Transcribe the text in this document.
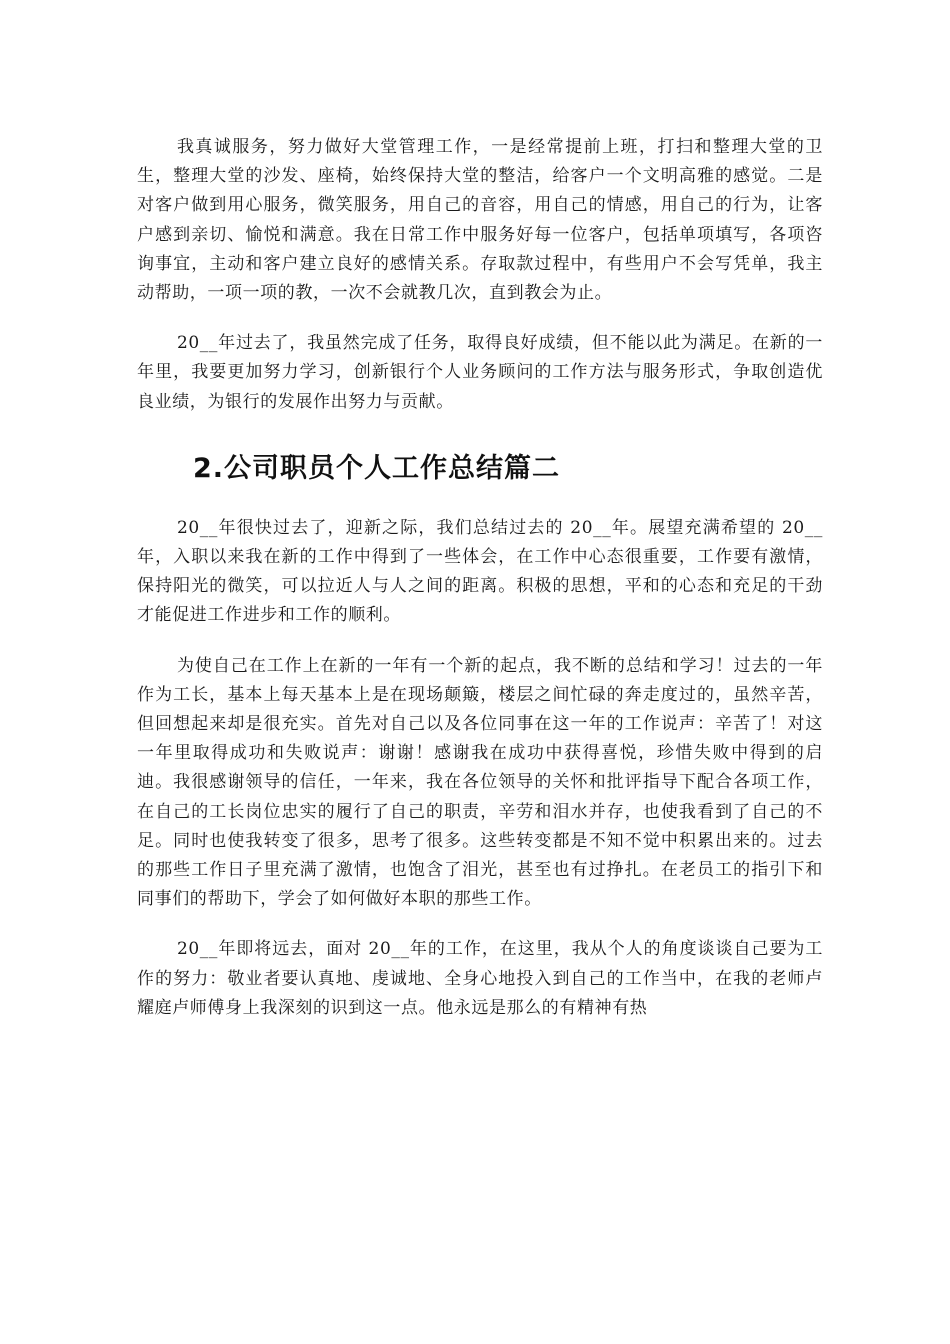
我真诚服务，努力做好大堂管理工作，一是经常提前上班，打扫和整理大堂的卫生，整理大堂的沙发、座椅，始终保持大堂的整洁，给客户一个文明高雅的感觉。二是对客户做到用心服务，微笑服务，用自己的音容，用自己的情感，用自己的行为，让客户感到亲切、愉悦和满意。我在日常工作中服务好每一位客户，包括单项填写，各项咨询事宜，主动和客户建立良好的感情关系。存取款过程中，有些用户不会写凭单，我主动帮助，一项一项的教，一次不会就教几次，直到教会为止。

20__年过去了，我虽然完成了任务，取得良好成绩，但不能以此为满足。在新的一年里，我要更加努力学习，创新银行个人业务顾问的工作方法与服务形式，争取创造优良业绩，为银行的发展作出努力与贡献。

2.公司职员个人工作总结篇二

20__年很快过去了，迎新之际，我们总结过去的 20__年。展望充满希望的 20__年，入职以来我在新的工作中得到了一些体会，在工作中心态很重要，工作要有激情，保持阳光的微笑，可以拉近人与人之间的距离。积极的思想，平和的心态和充足的干劲才能促进工作进步和工作的顺利。

为使自己在工作上在新的一年有一个新的起点，我不断的总结和学习！过去的一年作为工长，基本上每天基本上是在现场颠簸，楼层之间忙碌的奔走度过的，虽然辛苦，但回想起来却是很充实。首先对自己以及各位同事在这一年的工作说声：辛苦了！对这一年里取得成功和失败说声：谢谢！感谢我在成功中获得喜悦，珍惜失败中得到的启迪。我很感谢领导的信任，一年来，我在各位领导的关怀和批评指导下配合各项工作，在自己的工长岗位忠实的履行了自己的职责，辛劳和泪水并存，也使我看到了自己的不足。同时也使我转变了很多，思考了很多。这些转变都是不知不觉中积累出来的。过去的那些工作日子里充满了激情，也饱含了泪光，甚至也有过挣扎。在老员工的指引下和同事们的帮助下，学会了如何做好本职的那些工作。

20__年即将远去，面对 20__年的工作，在这里，我从个人的角度谈谈自己要为工作的努力：敬业者要认真地、虔诚地、全身心地投入到自己的工作当中，在我的老师卢耀庭卢师傅身上我深刻的识到这一点。他永远是那么的有精神有热
